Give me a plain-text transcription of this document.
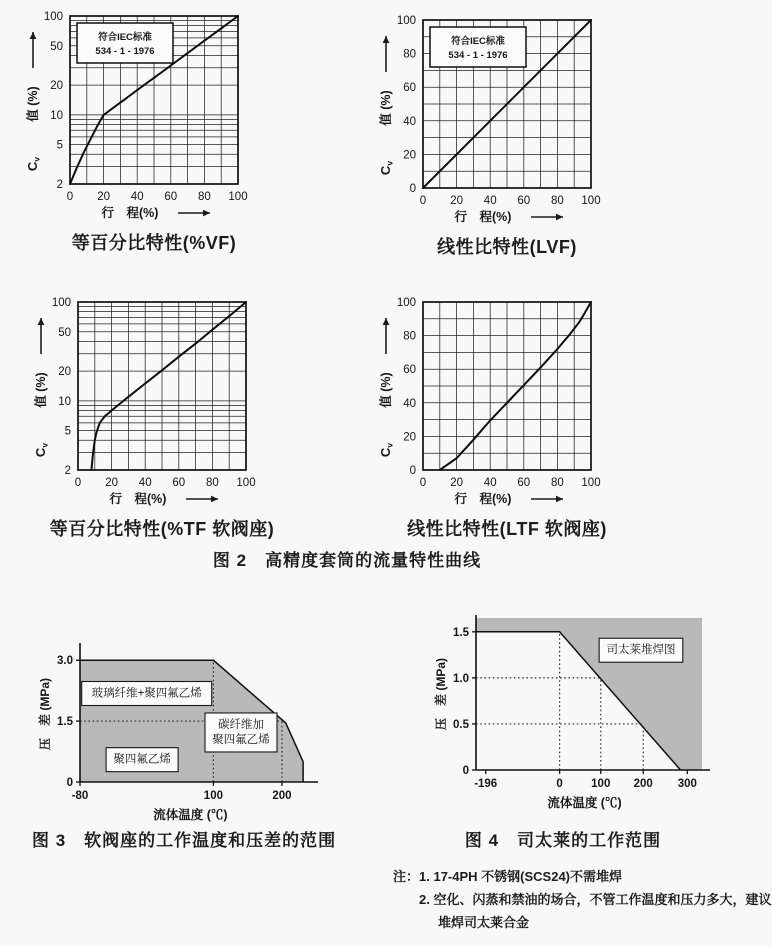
符合IEC标准
534 - 1 - 1976
0 20 40 60 80 100
2
5
10
20
50
100
行　程(%)
值 (%)
Cv
等百分比特性(%VF)
符合IEC标准
534 - 1 - 1976
0 20 40 60 80 100
0
20
40
60
80
100
行　程(%)
值 (%)
Cv
线性比特性(LVF)
0 20 40 60 80 100
2
5
10
20
50
100
行　程(%)
值 (%)
Cv
等百分比特性(%TF 软阀座)
0 20 40 60 80 100
0
20
40
60
80
100
行　程(%)
值 (%)
Cv
线性比特性(LTF 软阀座)
图 2　高精度套筒的流量特性曲线
0
1.5
3.0
-80	100	200
玻璃纤维+聚四氟乙烯
碳纤维加
聚四氟乙烯
聚四氟乙烯
流体温度 (℃)
压　差 (MPa)
图 3　软阀座的工作温度和压差的范围
0
0.5
1.0
1.5
-196	0 100 200 300
司太莱堆焊图
流体温度 (℃)
压　差 (MPa)
图 4　司太莱的工作范围
注： 1. 17-4PH 不锈钢(SCS24)不需堆焊
2. 空化、闪蒸和禁油的场合，不管工作温度和压力多大，建议堆焊司太莱合金
